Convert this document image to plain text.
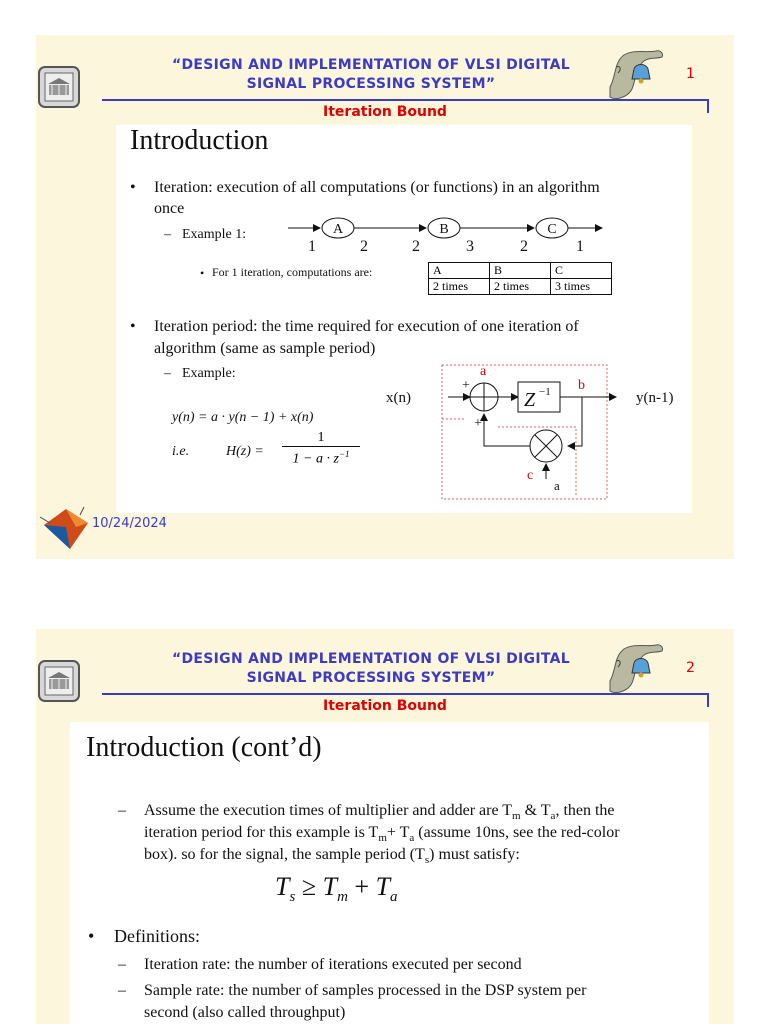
“DESIGN AND IMPLEMENTATION OF VLSI DIGITAL
SIGNAL PROCESSING SYSTEM”
1
Iteration Bound
Introduction
• Iteration: execution of all computations (or functions) in an algorithm
once
– Example 1:	A	B	C
1	2	2	3	2	1
• For 1 iteration, computations are:	A	B	C
2 times	2 times	3 times
• Iteration period: the time required for execution of one iteration of
algorithm (same as sample period)
– Example:
y(n) = a · y(n − 1) + x(n)
i.e.	H(z) =
1
$1 - a \cdot z^{-1}$
x(n)	y(n-1)
Z −1
+
+
a
a
b
c
10/24/2024
“DESIGN AND IMPLEMENTATION OF VLSI DIGITAL
SIGNAL PROCESSING SYSTEM”
2
Iteration Bound
Introduction (cont’d)
– Assume the execution times of multiplier and adder are $T_m$ & $T_a$, then the
iteration period for this example is $T_m+ T_a$ (assume 10ns, see the red-color
box). so for the signal, the sample period $(T_s)$ must satisfy:
$T_s \ge T_m + T_a$
• Definitions:
– Iteration rate: the number of iterations executed per second
– Sample rate: the number of samples processed in the DSP system per
second (also called throughput)
